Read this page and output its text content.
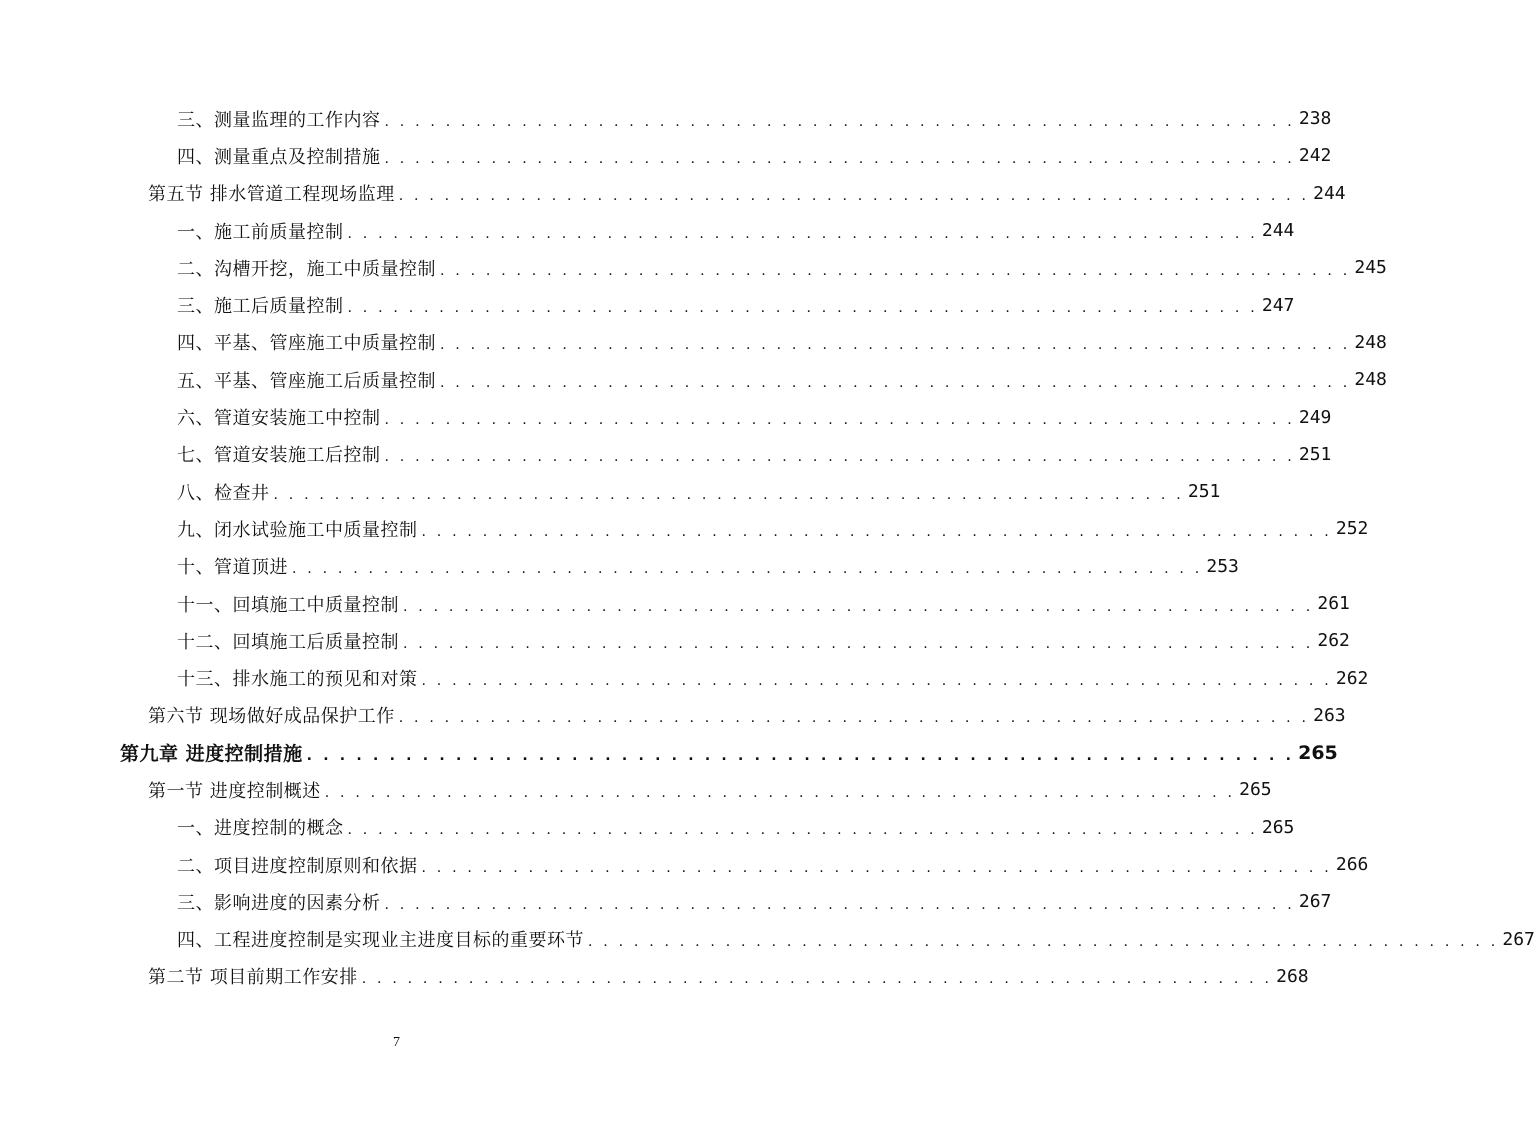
三、测量监理的工作内容 . . . . . . . . . . . . . . . . . . . . . . . . . . . . . . . . . . . . . . . . . . . . . . . . . . . . . . . . . . . . 238
四、测量重点及控制措施 . . . . . . . . . . . . . . . . . . . . . . . . . . . . . . . . . . . . . . . . . . . . . . . . . . . . . . . . . . . . 242
第五节 排水管道工程现场监理 . . . . . . . . . . . . . . . . . . . . . . . . . . . . . . . . . . . . . . . . . . . . . . . . . . . . . . . . . . . . 244
一、施工前质量控制 . . . . . . . . . . . . . . . . . . . . . . . . . . . . . . . . . . . . . . . . . . . . . . . . . . . . . . . . . . . . 244
二、沟槽开挖，施工中质量控制 . . . . . . . . . . . . . . . . . . . . . . . . . . . . . . . . . . . . . . . . . . . . . . . . . . . . . . . . . . . . 245
三、施工后质量控制 . . . . . . . . . . . . . . . . . . . . . . . . . . . . . . . . . . . . . . . . . . . . . . . . . . . . . . . . . . . . 247
四、平基、管座施工中质量控制 . . . . . . . . . . . . . . . . . . . . . . . . . . . . . . . . . . . . . . . . . . . . . . . . . . . . . . . . . . . . 248
五、平基、管座施工后质量控制 . . . . . . . . . . . . . . . . . . . . . . . . . . . . . . . . . . . . . . . . . . . . . . . . . . . . . . . . . . . . 248
六、管道安装施工中控制 . . . . . . . . . . . . . . . . . . . . . . . . . . . . . . . . . . . . . . . . . . . . . . . . . . . . . . . . . . . . 249
七、管道安装施工后控制 . . . . . . . . . . . . . . . . . . . . . . . . . . . . . . . . . . . . . . . . . . . . . . . . . . . . . . . . . . . . 251
八、检查井 . . . . . . . . . . . . . . . . . . . . . . . . . . . . . . . . . . . . . . . . . . . . . . . . . . . . . . . . . . . . 251
九、闭水试验施工中质量控制 . . . . . . . . . . . . . . . . . . . . . . . . . . . . . . . . . . . . . . . . . . . . . . . . . . . . . . . . . . . . 252
十、管道顶进 . . . . . . . . . . . . . . . . . . . . . . . . . . . . . . . . . . . . . . . . . . . . . . . . . . . . . . . . . . . . 253
十一、回填施工中质量控制 . . . . . . . . . . . . . . . . . . . . . . . . . . . . . . . . . . . . . . . . . . . . . . . . . . . . . . . . . . . . 261
十二、回填施工后质量控制 . . . . . . . . . . . . . . . . . . . . . . . . . . . . . . . . . . . . . . . . . . . . . . . . . . . . . . . . . . . . 262
十三、排水施工的预见和对策 . . . . . . . . . . . . . . . . . . . . . . . . . . . . . . . . . . . . . . . . . . . . . . . . . . . . . . . . . . . . 262
第六节 现场做好成品保护工作 . . . . . . . . . . . . . . . . . . . . . . . . . . . . . . . . . . . . . . . . . . . . . . . . . . . . . . . . . . . . 263
第九章 进度控制措施 . . . . . . . . . . . . . . . . . . . . . . . . . . . . . . . . . . . . . . . . . . . . . . . . . . . . . . . . . . . . 265
第一节 进度控制概述 . . . . . . . . . . . . . . . . . . . . . . . . . . . . . . . . . . . . . . . . . . . . . . . . . . . . . . . . . . . . 265
一、进度控制的概念 . . . . . . . . . . . . . . . . . . . . . . . . . . . . . . . . . . . . . . . . . . . . . . . . . . . . . . . . . . . . 265
二、项目进度控制原则和依据 . . . . . . . . . . . . . . . . . . . . . . . . . . . . . . . . . . . . . . . . . . . . . . . . . . . . . . . . . . . . 266
三、影响进度的因素分析 . . . . . . . . . . . . . . . . . . . . . . . . . . . . . . . . . . . . . . . . . . . . . . . . . . . . . . . . . . . . 267
四、工程进度控制是实现业主进度目标的重要环节 . . . . . . . . . . . . . . . . . . . . . . . . . . . . . . . . . . . . . . . . . . . . . . . . . . . . . . . . . . . . 267
第二节 项目前期工作安排 . . . . . . . . . . . . . . . . . . . . . . . . . . . . . . . . . . . . . . . . . . . . . . . . . . . . . . . . . . . . 268
7
